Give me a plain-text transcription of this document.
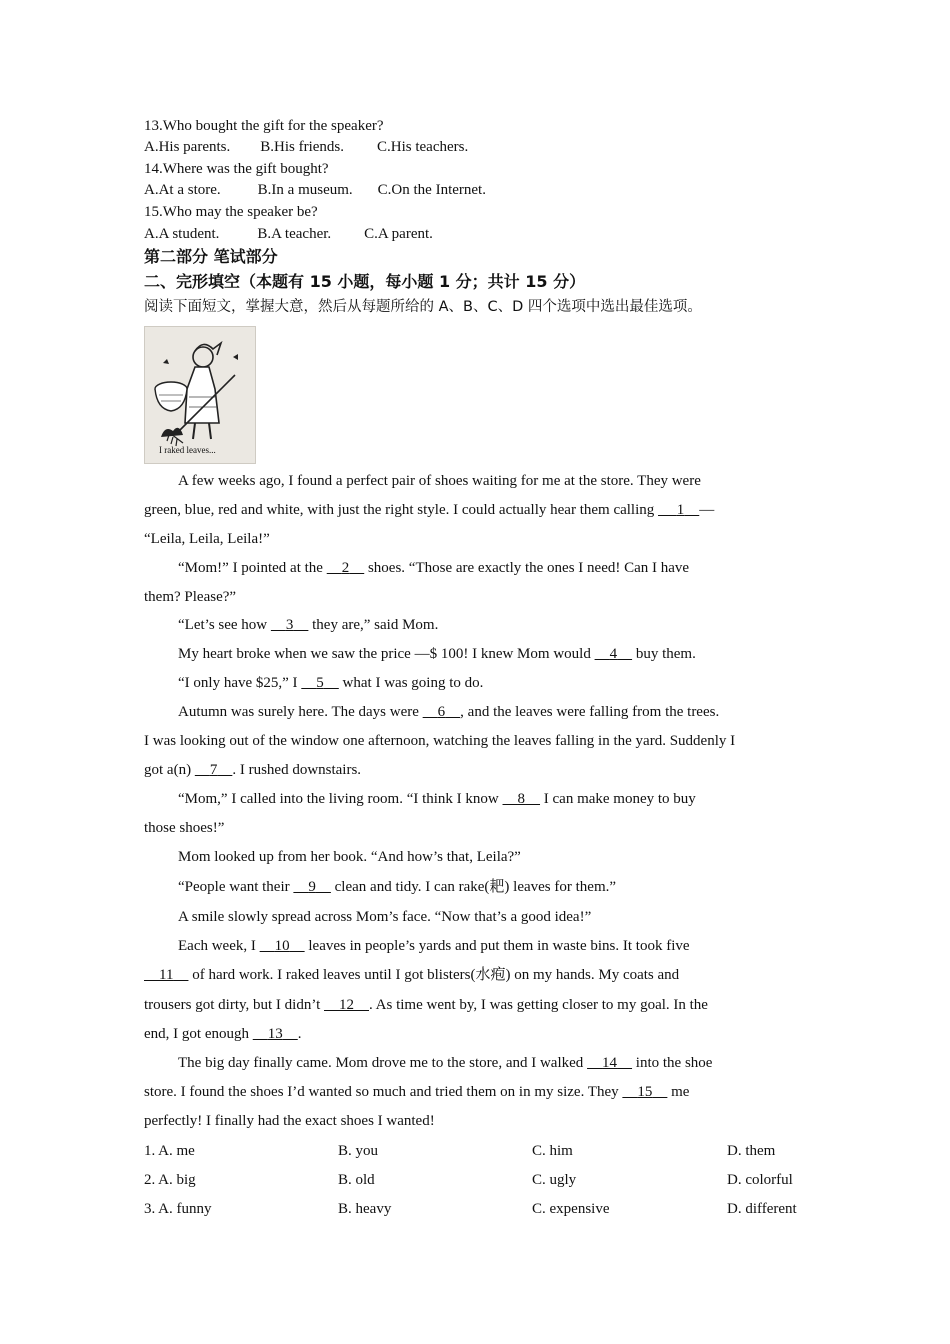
13.Who bought the gift for the speaker?
A.His parents. B.His friends. C.His teachers.
14.Where was the gift bought?
A.At a store. B.In a museum. C.On the Internet.
15.Who may the speaker be?
A.A student.	B.A teacher. C.A parent.
第二部分 笔试部分
二、完形填空（本题有 15 小题，每小题 1 分；共计 15 分）
阅读下面短文，掌握大意，然后从每题所给的 A、B、C、D 四个选项中选出最佳选项。
I raked leaves...

A few weeks ago, I found a perfect pair of shoes waiting for me at the store. They were

green, blue, red and white, with just the right style. I could actually hear them calling      1 —

“Leila, Leila, Leila!”

“Mom!” I pointed at the     2     shoes. “Those are exactly the ones I need! Can I have

them? Please?”

“Let’s see how     3     they are,” said Mom.

My heart broke when we saw the price —$ 100! I knew Mom would     4     buy them.

“I only have $25,” I     5     what I was going to do.

Autumn was surely here. The days were     6 , and the leaves were falling from the trees.

I was looking out of the window one afternoon, watching the leaves falling in the yard. Suddenly I

got a(n)     7 . I rushed downstairs.

“Mom,” I called into the living room. “I think I know     8     I can make money to buy

those shoes!”

Mom looked up from her book. “And how’s that, Leila?”

“People want their     9     clean and tidy. I can rake(耙) leaves for them.”

A smile slowly spread across Mom’s face. “Now that’s a good idea!”

Each week, I     10     leaves in people’s yards and put them in waste bins. It took five

11     of hard work. I raked leaves until I got blisters(水疱) on my hands. My coats and

trousers got dirty, but I didn’t     12 . As time went by, I was getting closer to my goal. In the

end, I got enough     13 .

The big day finally came. Mom drove me to the store, and I walked     14     into the shoe

store. I found the shoes I’d wanted so much and tried them on in my size. They     15     me

perfectly! I finally had the exact shoes I wanted!

1. A. me	B. you	C. him	D. them
2. A. big	B. old	C. ugly	D. colorful
3. A. funny	B. heavy	C. expensive	D. different
